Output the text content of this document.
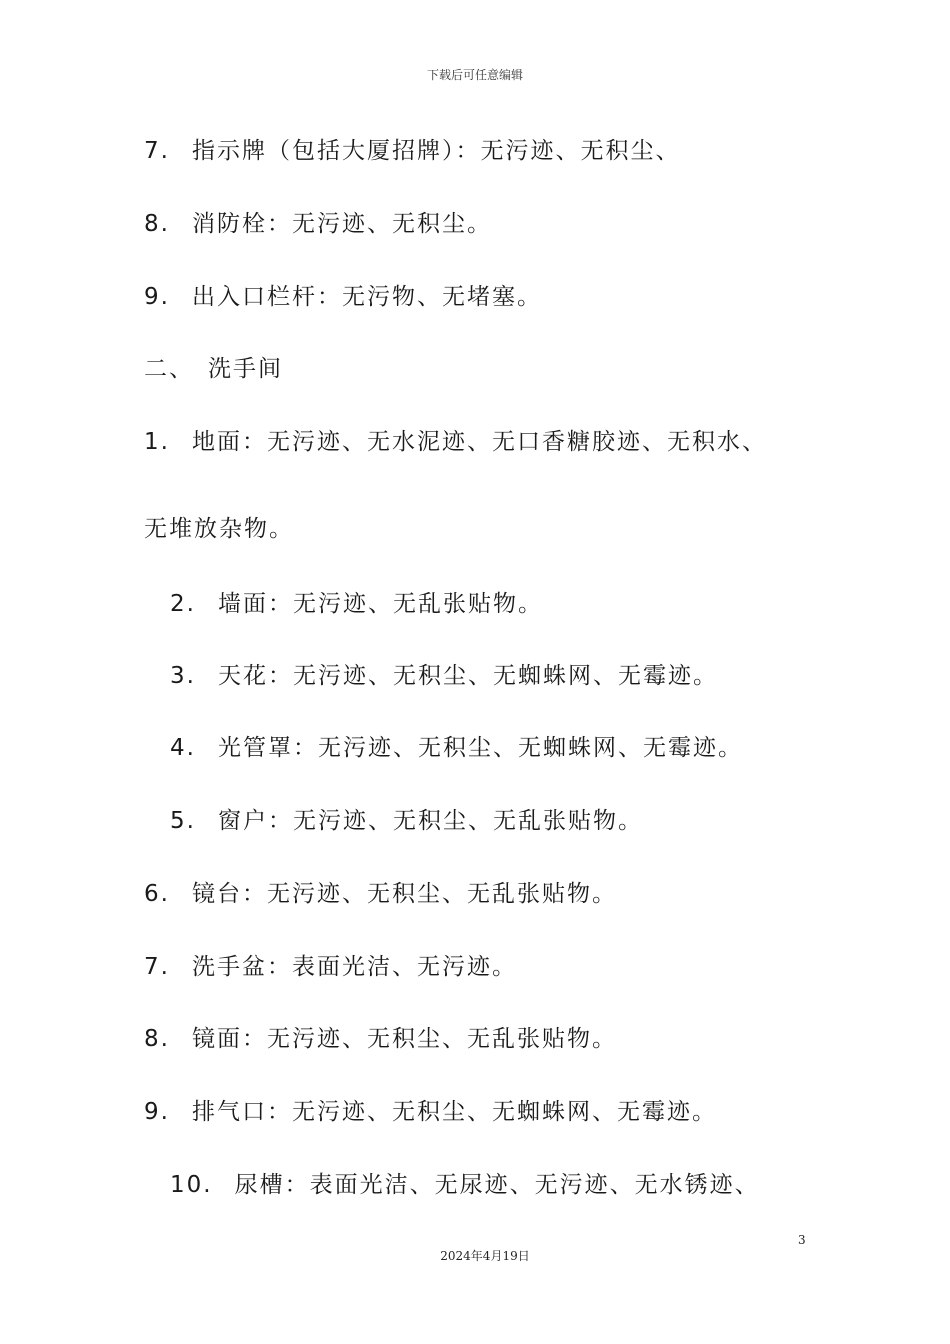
下载后可任意编辑
7. 指示牌（包括大厦招牌）：无污迹、无积尘、
8. 消防栓：无污迹、无积尘。
9. 出入口栏杆：无污物、无堵塞。
二、 洗手间
1. 地面：无污迹、无水泥迹、无口香糖胶迹、无积水、
无堆放杂物。
2. 墙面：无污迹、无乱张贴物。
3. 天花：无污迹、无积尘、无蜘蛛网、无霉迹。
4. 光管罩：无污迹、无积尘、无蜘蛛网、无霉迹。
5. 窗户：无污迹、无积尘、无乱张贴物。
6. 镜台：无污迹、无积尘、无乱张贴物。
7. 洗手盆：表面光洁、无污迹。
8. 镜面：无污迹、无积尘、无乱张贴物。
9. 排气口：无污迹、无积尘、无蜘蛛网、无霉迹。
10. 尿槽：表面光洁、无尿迹、无污迹、无水锈迹、
3
2024年4月19日
